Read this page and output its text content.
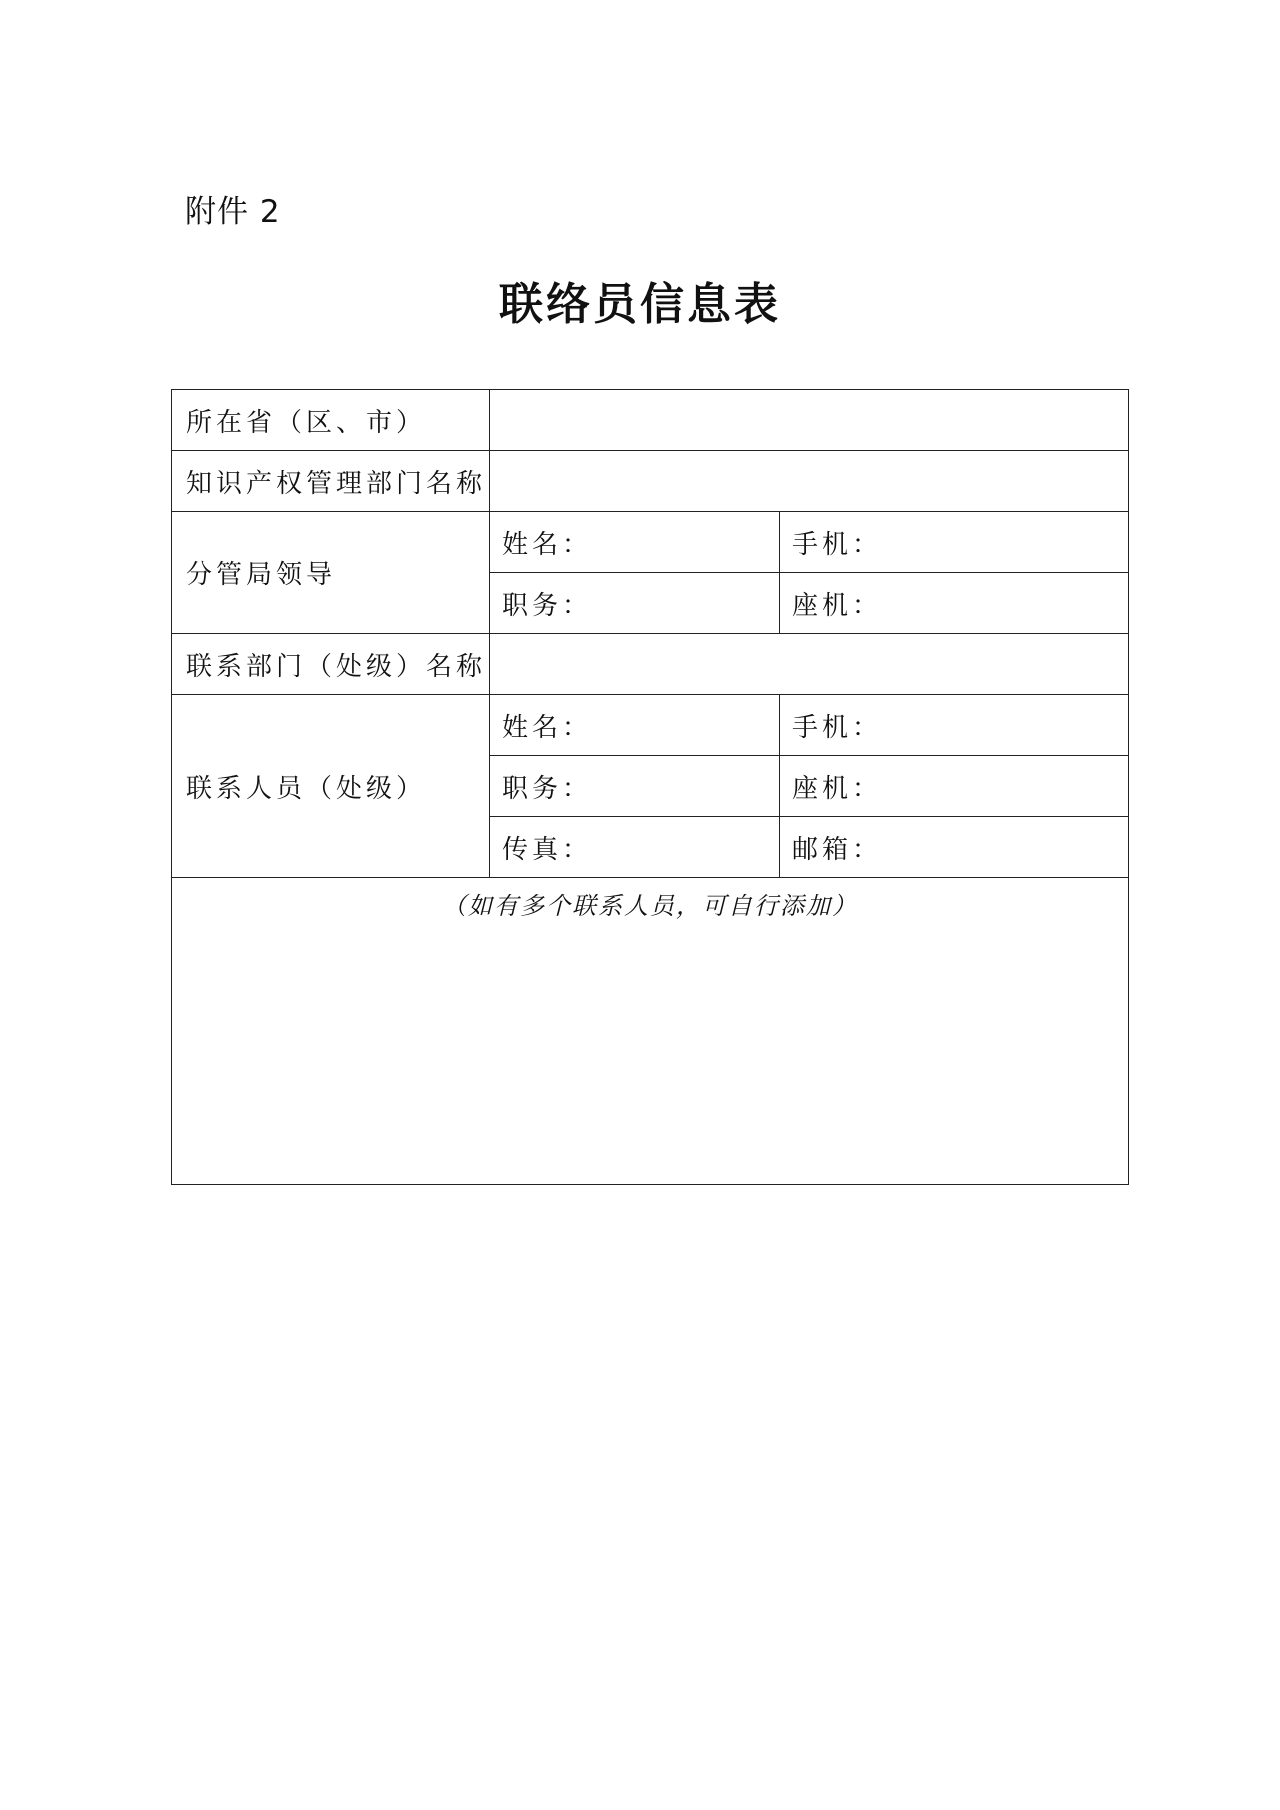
附件 2
联络员信息表
所在省（区、市）		
知识产权管理部门名称		
分管局领导	姓名：	手机：
	职务：	座机：
联系部门（处级）名称		
联系人员（处级）	姓名：	手机：
	职务：	座机：
	传真：	邮箱：
（如有多个联系人员，可自行添加）		
